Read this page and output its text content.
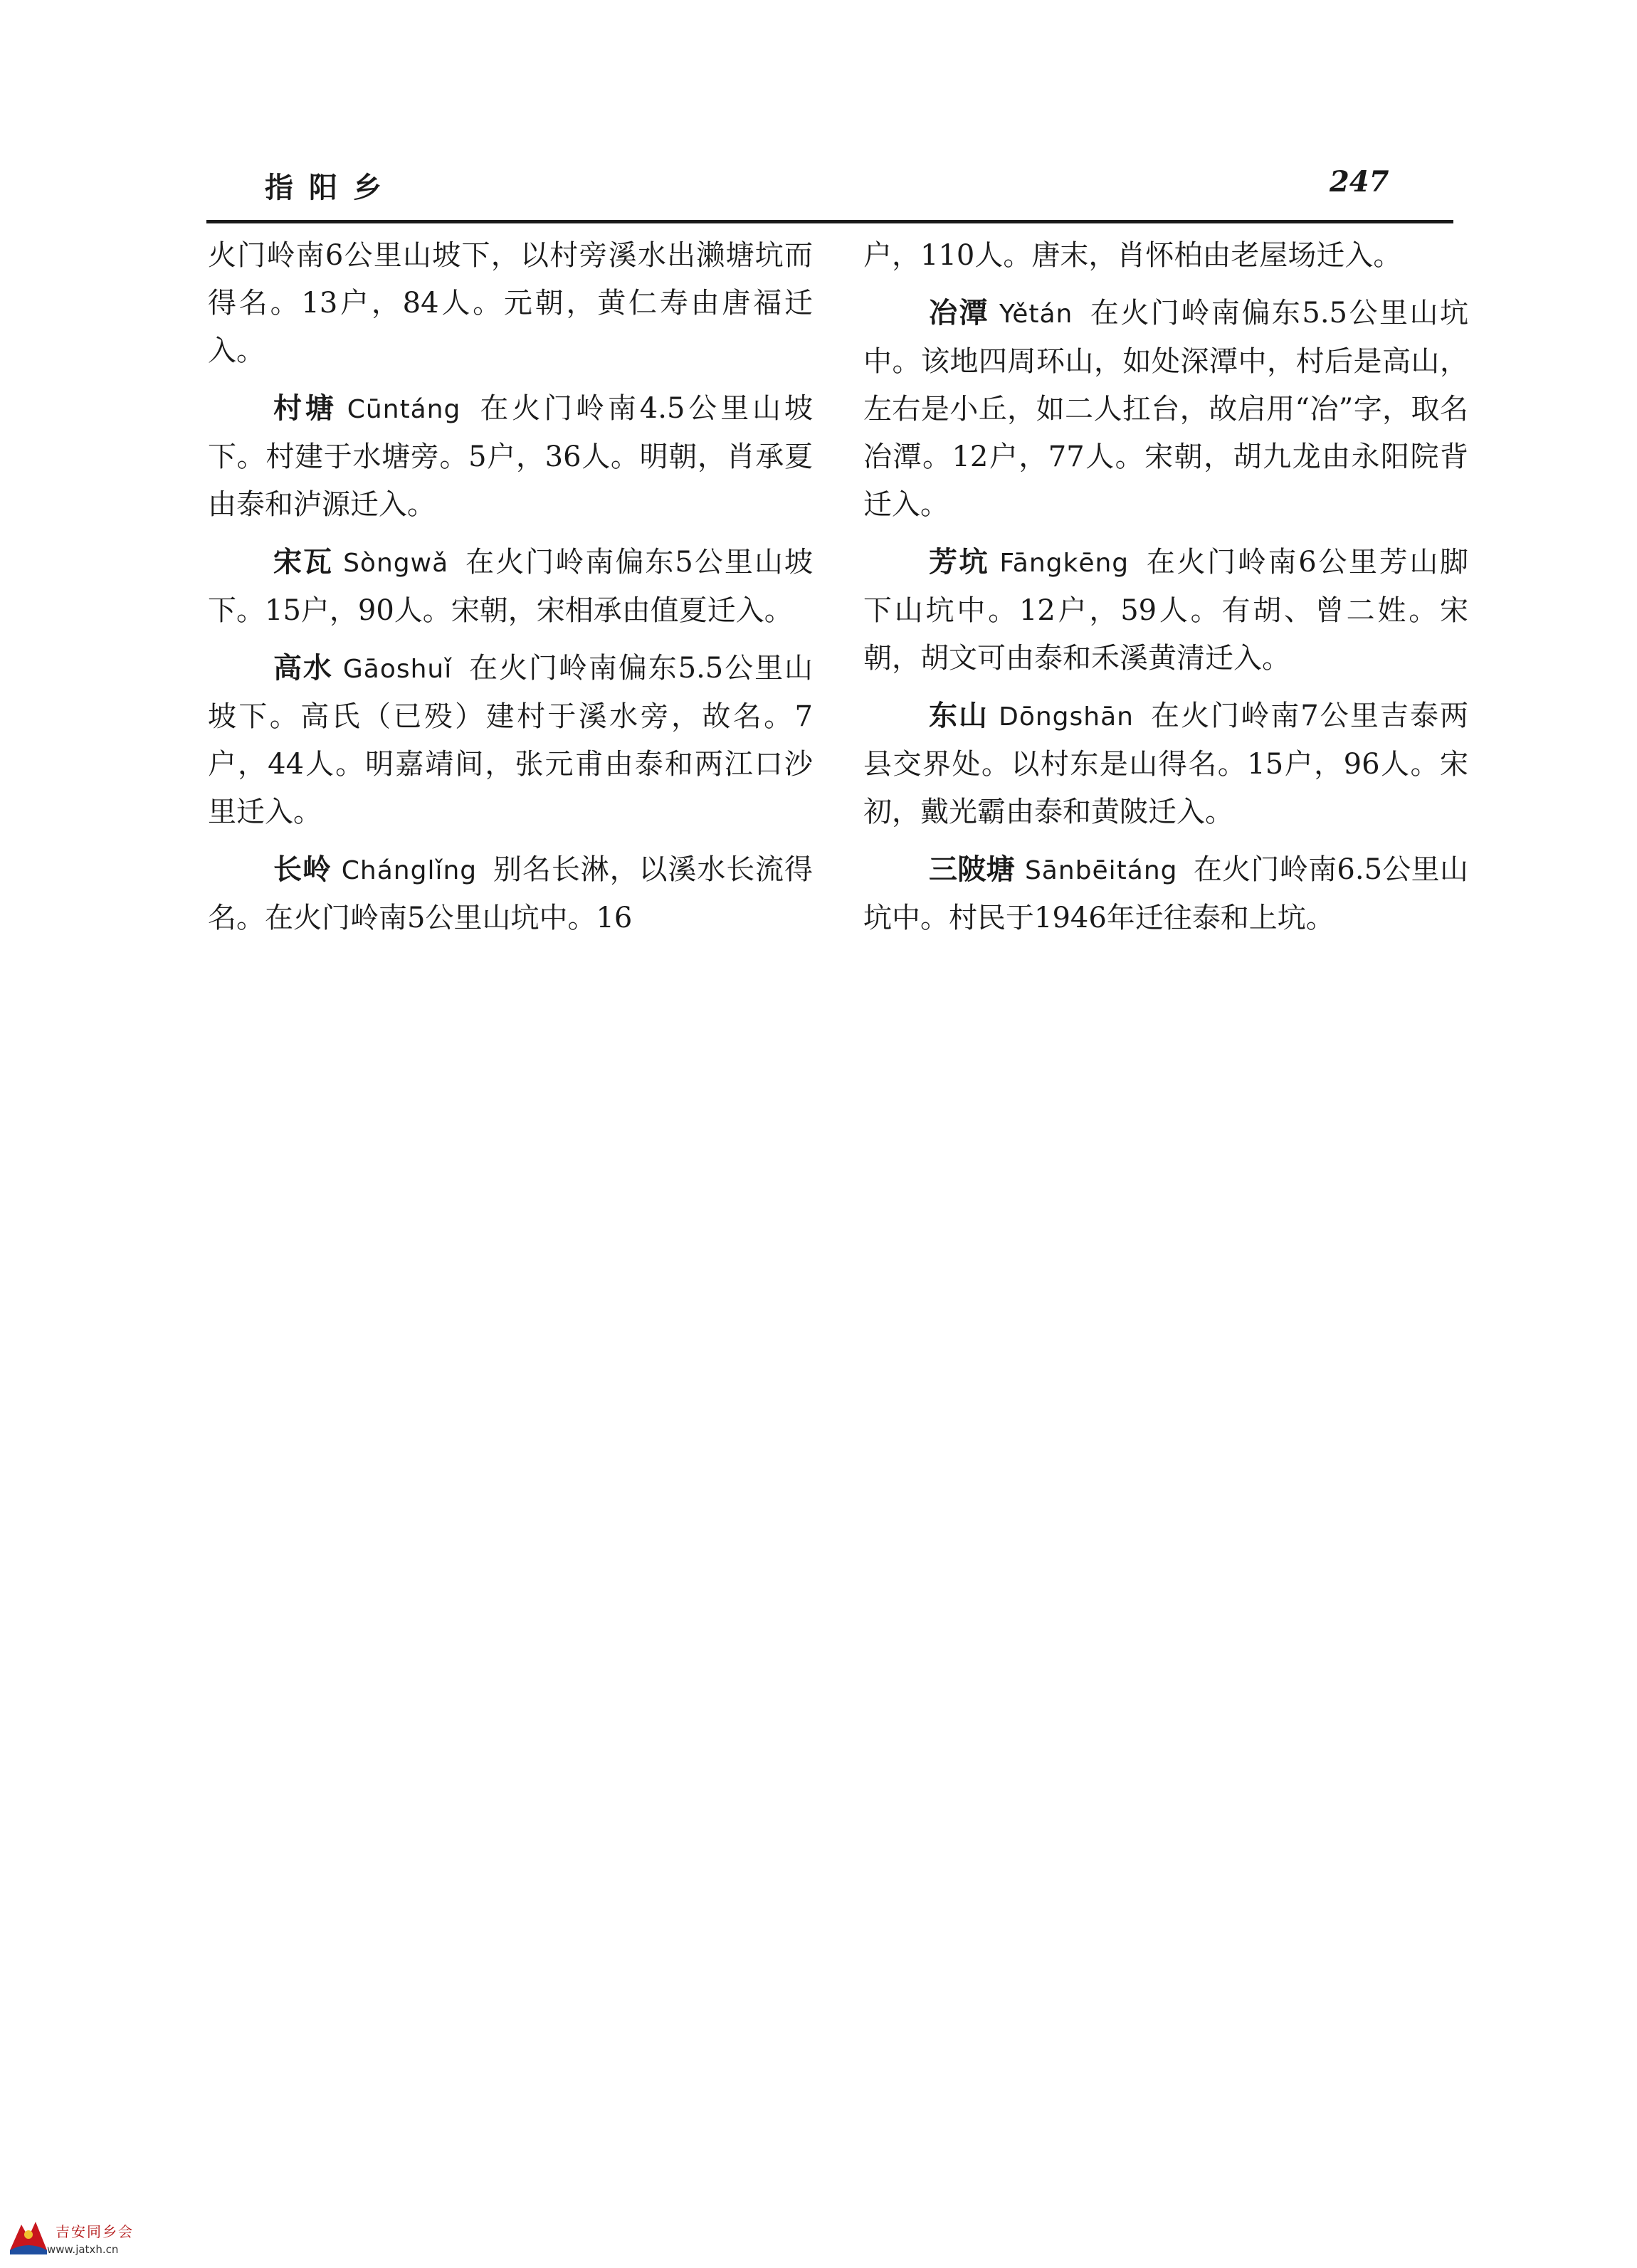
指阳乡	247

火门岭南6公里山坡下，以村旁溪水出濑塘坑而得名。13户，84人。元朝，黄仁寿由唐福迁入。

村塘 Cūntáng 在火门岭南4.5公里山坡下。村建于水塘旁。5户，36人。明朝，肖承夏由泰和泸源迁入。

宋瓦 Sòngwǎ 在火门岭南偏东5公里山坡下。15户，90人。宋朝，宋相承由值夏迁入。

高水 Gāoshuǐ 在火门岭南偏东5.5公里山坡下。高氏（已殁）建村于溪水旁，故名。7户，44人。明嘉靖间，张元甫由泰和两江口沙里迁入。

长岭 Chánglǐng 别名长淋，以溪水长流得名。在火门岭南5公里山坑中。16

户，110人。唐末，肖怀柏由老屋场迁入。

冶潭 Yětán 在火门岭南偏东5.5公里山坑中。该地四周环山，如处深潭中，村后是高山，左右是小丘，如二人扛台，故启用“冶”字，取名冶潭。12户，77人。宋朝，胡九龙由永阳院背迁入。

芳坑 Fāngkēng 在火门岭南6公里芳山脚下山坑中。12户，59人。有胡、曾二姓。宋朝，胡文可由泰和禾溪黄清迁入。

东山 Dōngshān 在火门岭南7公里吉泰两县交界处。以村东是山得名。15户，96人。宋初，戴光霸由泰和黄陂迁入。

三陂塘 Sānbēitáng 在火门岭南6.5公里山坑中。村民于1946年迁往泰和上坑。

吉安同乡会
www.jatxh.cn
